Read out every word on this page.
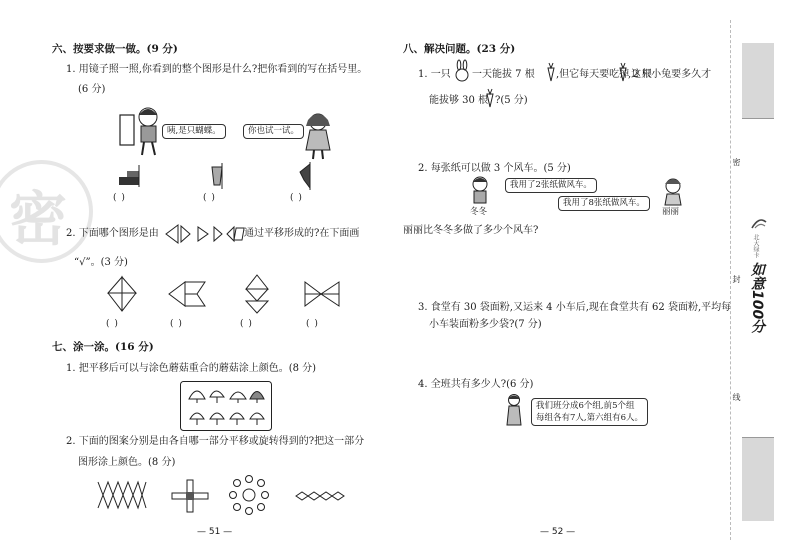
密
六、按要求做一做。(9 分)
1. 用镜子照一照,你看到的整个图形是什么?把你看到的写在括号里。
(6 分)
咦,是只蝴蝶。	你也试一试。
( )	( )	( )
2. 下面哪个图形是由	通过平移形成的?在下面画
“√”。(3 分)
( )	( )	( )	( )
七、涂一涂。(16 分)
1. 把平移后可以与涂色蘑菇重合的蘑菇涂上颜色。(8 分)
2. 下面的图案分别是由各自哪一部分平移或旋转得到的?把这一部分
图形涂上颜色。(8 分)
— 51 —
八、解决问题。(23 分)
1. 一只 一天能拔 7 根 ,但它每天要吃掉 2 根
,这只小兔要多久才
能拔够 30 根 ?(5 分)
2. 每张纸可以做 3 个风车。(5 分)
冬冬
我用了2张纸做风车。
我用了8张纸做风车。
丽丽
丽丽比冬冬多做了多少个风车?
3. 食堂有 30 袋面粉,又运来 4 小车后,现在食堂共有 62 袋面粉,平均每
小车装面粉多少袋?(7 分)
4. 全班共有多少人?(6 分)
我们班分成6个组,前5个组
每组各有7人,第六组有6人。
— 52 —
密
封
线
北大绿卡
如意100分
